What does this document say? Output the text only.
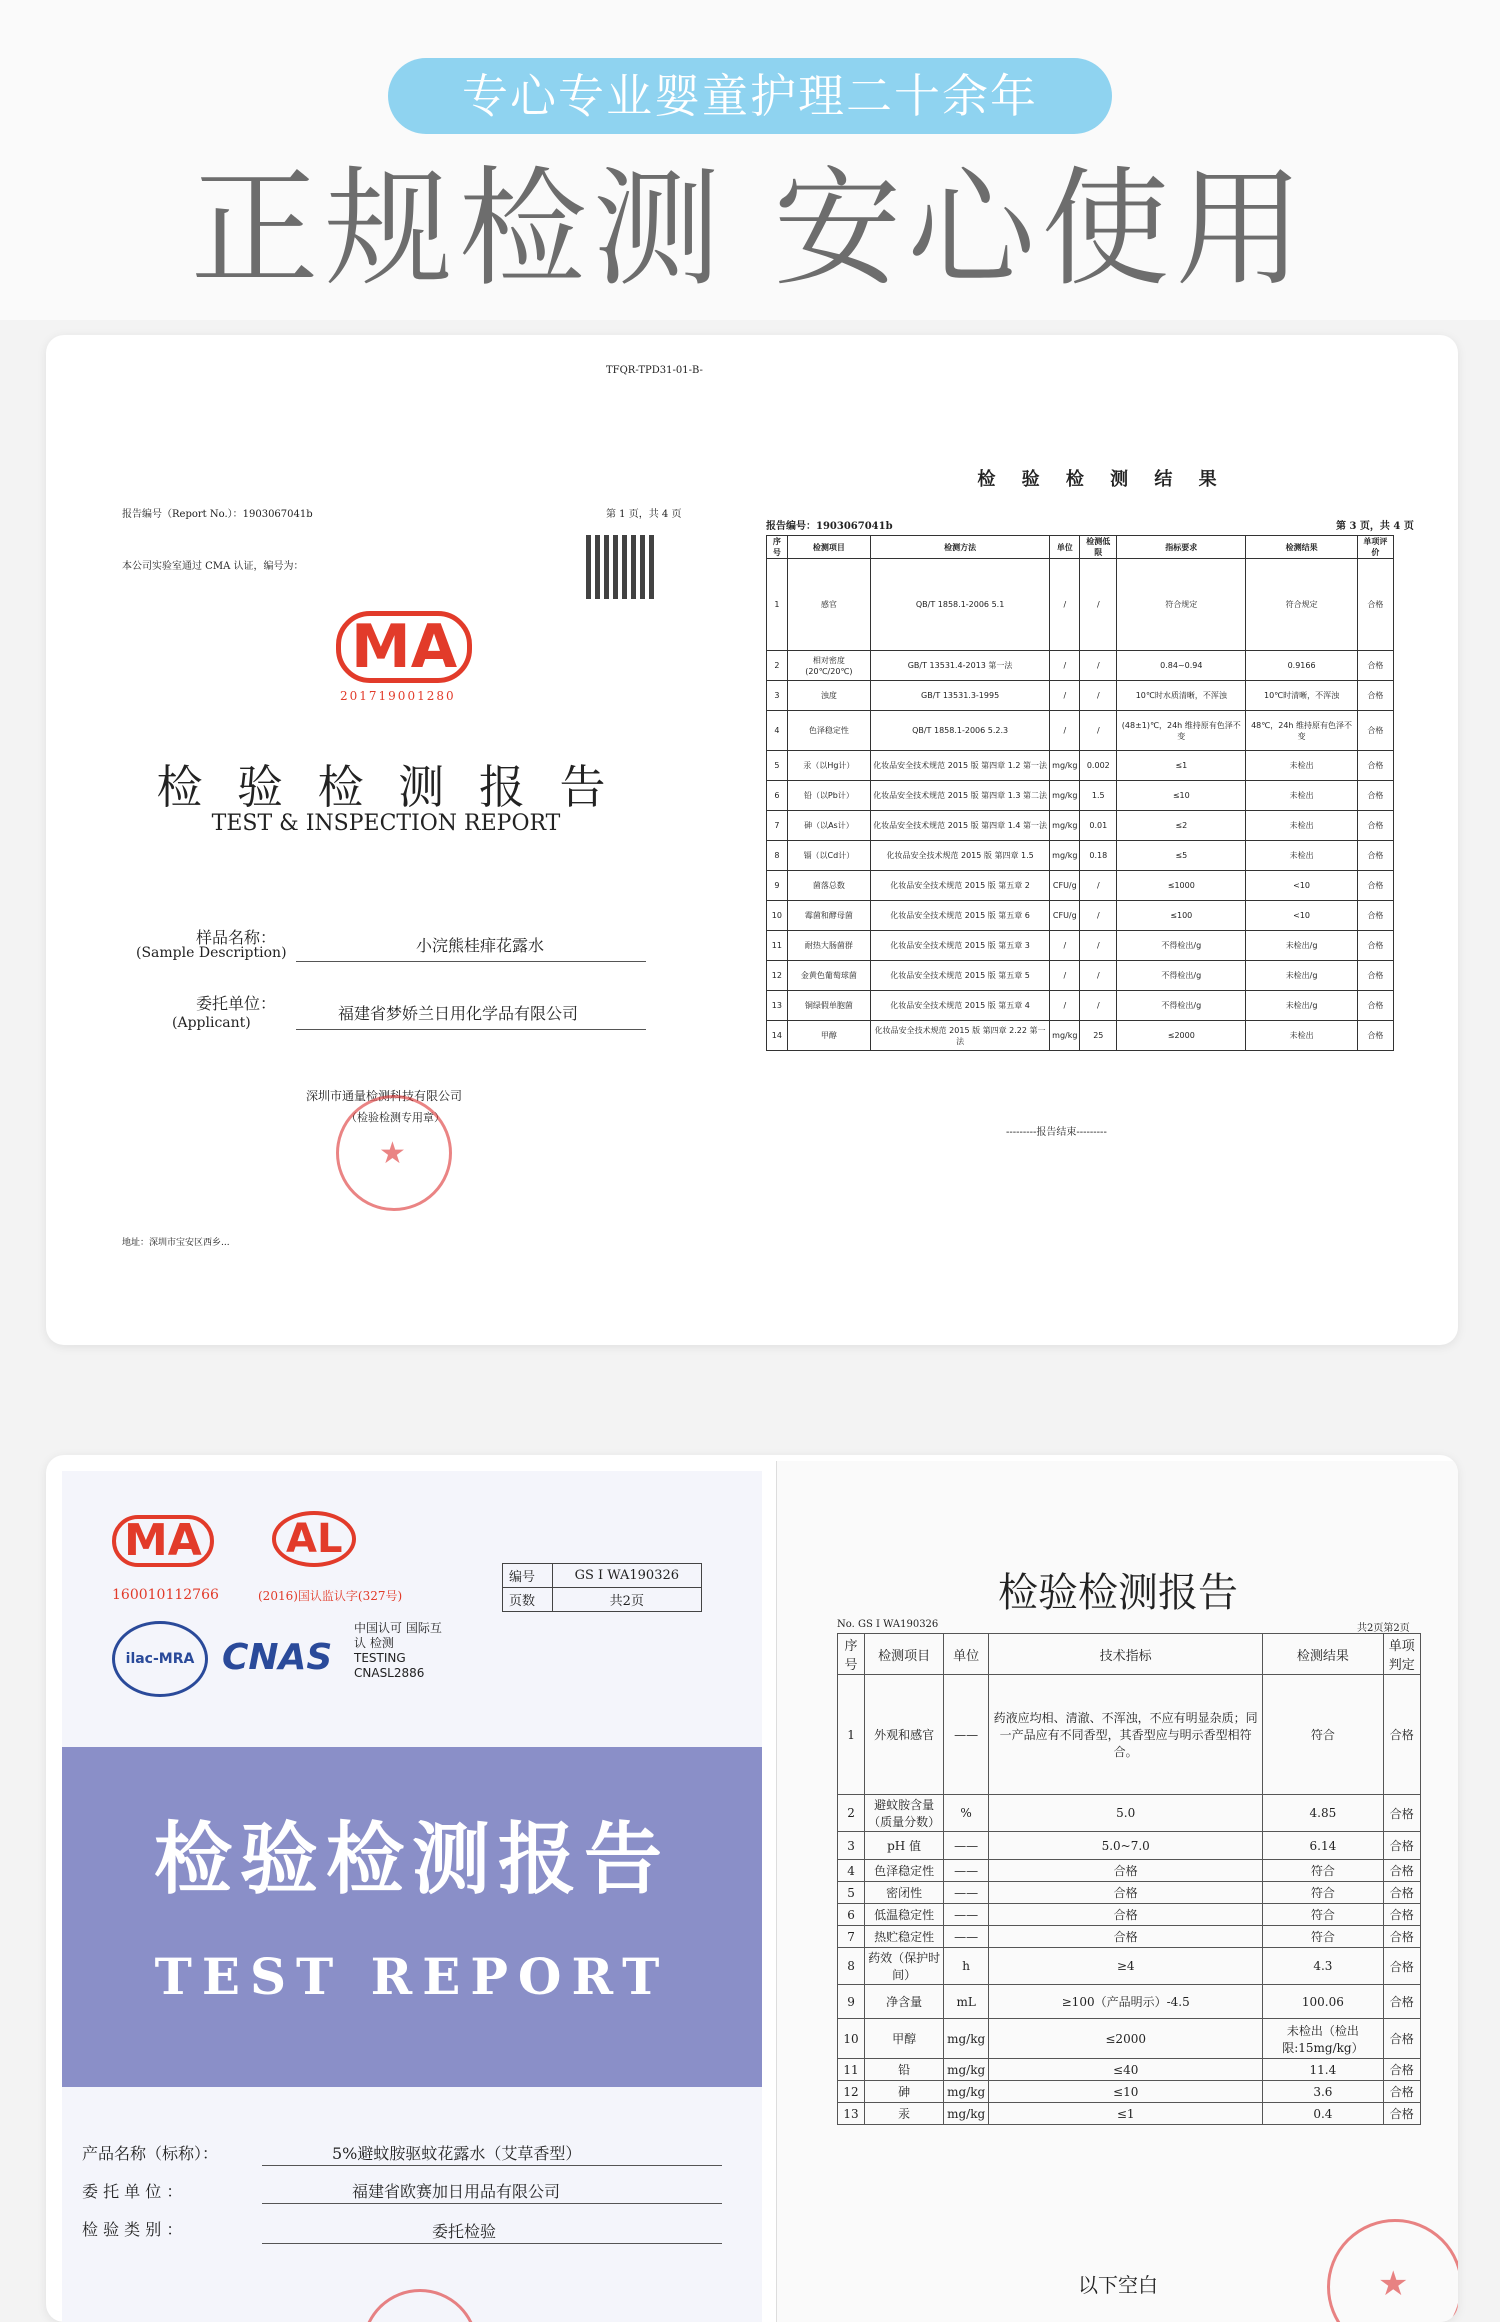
专心专业婴童护理二十余年
正规检测 安心使用
TFQR-TPD31-01-B-
报告编号（Report No.）：1903067041b	第 1 页，共 4 页
本公司实验室通过 CMA 认证，编号为：
MA
201719001280
检 验 检 测 报 告
TEST & INSPECTION REPORT
样品名称：
(Sample Description)	小浣熊桂痱花露水
委托单位：
(Applicant)	福建省梦娇兰日用化学品有限公司
深圳市通量检测科技有限公司
（检验检测专用章）
★
地址：深圳市宝安区西乡...
检 验 检 测 结 果
报告编号：1903067041b	第 3 页，共 4 页
序号	检测项目	检测方法	单位	检测低限	指标要求	检测结果	单项评价
1	感官	QB/T 1858.1-2006 5.1	/	/	符合规定	符合规定	合格
2	相对密度(20℃/20℃)	GB/T 13531.4-2013 第一法	/	/	0.84~0.94	0.9166	合格
3	浊度	GB/T 13531.3-1995	/	/	10℃时水质清晰，不浑浊	10℃时清晰，不浑浊	合格
4	色泽稳定性	QB/T 1858.1-2006 5.2.3	/	/	(48±1)℃，24h 维持原有色泽不变	48℃，24h 维持原有色泽不变	合格
5	汞（以Hg计）	化妆品安全技术规范 2015 版 第四章 1.2 第一法	mg/kg	0.002	≤1	未检出	合格
6	铅（以Pb计）	化妆品安全技术规范 2015 版 第四章 1.3 第二法	mg/kg	1.5	≤10	未检出	合格
7	砷（以As计）	化妆品安全技术规范 2015 版 第四章 1.4 第一法	mg/kg	0.01	≤2	未检出	合格
8	镉（以Cd计）	化妆品安全技术规范 2015 版 第四章 1.5	mg/kg	0.18	≤5	未检出	合格
9	菌落总数	化妆品安全技术规范 2015 版 第五章 2	CFU/g	/	≤1000	<10	合格
10	霉菌和酵母菌	化妆品安全技术规范 2015 版 第五章 6	CFU/g	/	≤100	<10	合格
11	耐热大肠菌群	化妆品安全技术规范 2015 版 第五章 3	/	/	不得检出/g	未检出/g	合格
12	金黄色葡萄球菌	化妆品安全技术规范 2015 版 第五章 5	/	/	不得检出/g	未检出/g	合格
13	铜绿假单胞菌	化妆品安全技术规范 2015 版 第五章 4	/	/	不得检出/g	未检出/g	合格
14	甲醇	化妆品安全技术规范 2015 版 第四章 2.22 第一法	mg/kg	25	≤2000	未检出	合格
---------报告结束---------
MA	AL
160010112766	(2016)国认监认字(327号)
ilac-MRA CNAS
中国认可 国际互认 检测 TESTING CNASL2886
编号	GS I WA190326
页数	共2页
检验检测报告
TEST REPORT
产品名称（标称）：	5%避蚊胺驱蚊花露水（艾草香型）
委 托 单 位 ：	福建省欧赛加日用品有限公司
检 验 类 别 ：	委托检验
检验检测报告
No. GS I WA190326	共2页第2页
序号	检测项目	单位	技术指标	检测结果	单项判定
1	外观和感官	——	药液应均相、清澈、不浑浊，不应有明显杂质；同一产品应有不同香型，其香型应与明示香型相符合。	符合	合格
2	避蚊胺含量（质量分数）	%	5.0	4.85	合格
3	pH 值	——	5.0~7.0	6.14	合格
4	色泽稳定性	——	合格	符合	合格
5	密闭性	——	合格	符合	合格
6	低温稳定性	——	合格	符合	合格
7	热贮稳定性	——	合格	符合	合格
8	药效（保护时间）	h	≥4	4.3	合格
9	净含量	mL	≥100（产品明示）-4.5	100.06	合格
10	甲醇	mg/kg	≤2000	未检出（检出限:15mg/kg）	合格
11	铅	mg/kg	≤40	11.4	合格
12	砷	mg/kg	≤10	3.6	合格
13	汞	mg/kg	≤1	0.4	合格
以下空白	★
